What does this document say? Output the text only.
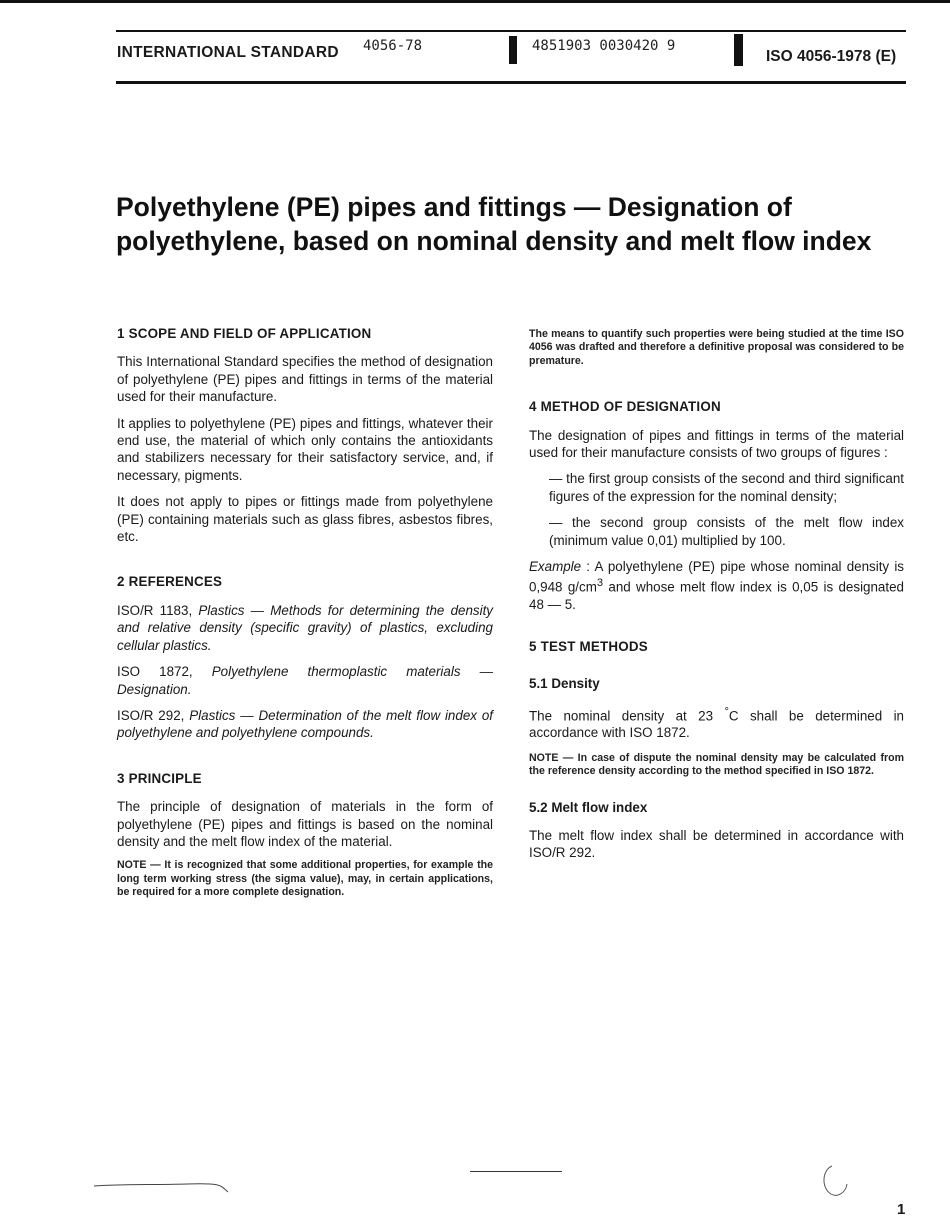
INTERNATIONAL STANDARD 4056-78	4851903 0030420 9
ISO 4056-1978 (E)
Polyethylene (PE) pipes and fittings — Designation of
polyethylene, based on nominal density and melt flow index
1 SCOPE AND FIELD OF APPLICATION

This International Standard specifies the method of designation of polyethylene (PE) pipes and fittings in terms of the material used for their manufacture.

It applies to polyethylene (PE) pipes and fittings, whatever their end use, the material of which only contains the antioxidants and stabilizers necessary for their satisfactory service, and, if necessary, pigments.

It does not apply to pipes or fittings made from polyethylene (PE) containing materials such as glass fibres, asbestos fibres, etc.

2 REFERENCES

ISO/R 1183, Plastics — Methods for determining the density and relative density (specific gravity) of plastics, excluding cellular plastics.

ISO 1872, Polyethylene thermoplastic materials — Designation.

ISO/R 292, Plastics — Determination of the melt flow index of polyethylene and polyethylene compounds.

3 PRINCIPLE

The principle of designation of materials in the form of polyethylene (PE) pipes and fittings is based on the nominal density and the melt flow index of the material.

NOTE — It is recognized that some additional properties, for example the long term working stress (the sigma value), may, in certain applications, be required for a more complete designation.

The means to quantify such properties were being studied at the time ISO 4056 was drafted and therefore a definitive proposal was considered to be premature.

4 METHOD OF DESIGNATION

The designation of pipes and fittings in terms of the material used for their manufacture consists of two groups of figures :

— the first group consists of the second and third significant figures of the expression for the nominal density;

— the second group consists of the melt flow index (minimum value 0,01) multiplied by 100.

Example : A polyethylene (PE) pipe whose nominal density is 0,948 $g/cm^3$ and whose melt flow index is 0,05 is designated 48 — 5.

5 TEST METHODS
5.1 Density

The nominal density at 23 °C shall be determined in accordance with ISO 1872.

NOTE — In case of dispute the nominal density may be calculated from the reference density according to the method specified in ISO 1872.

5.2 Melt flow index

The melt flow index shall be determined in accordance with ISO/R 292.

1
